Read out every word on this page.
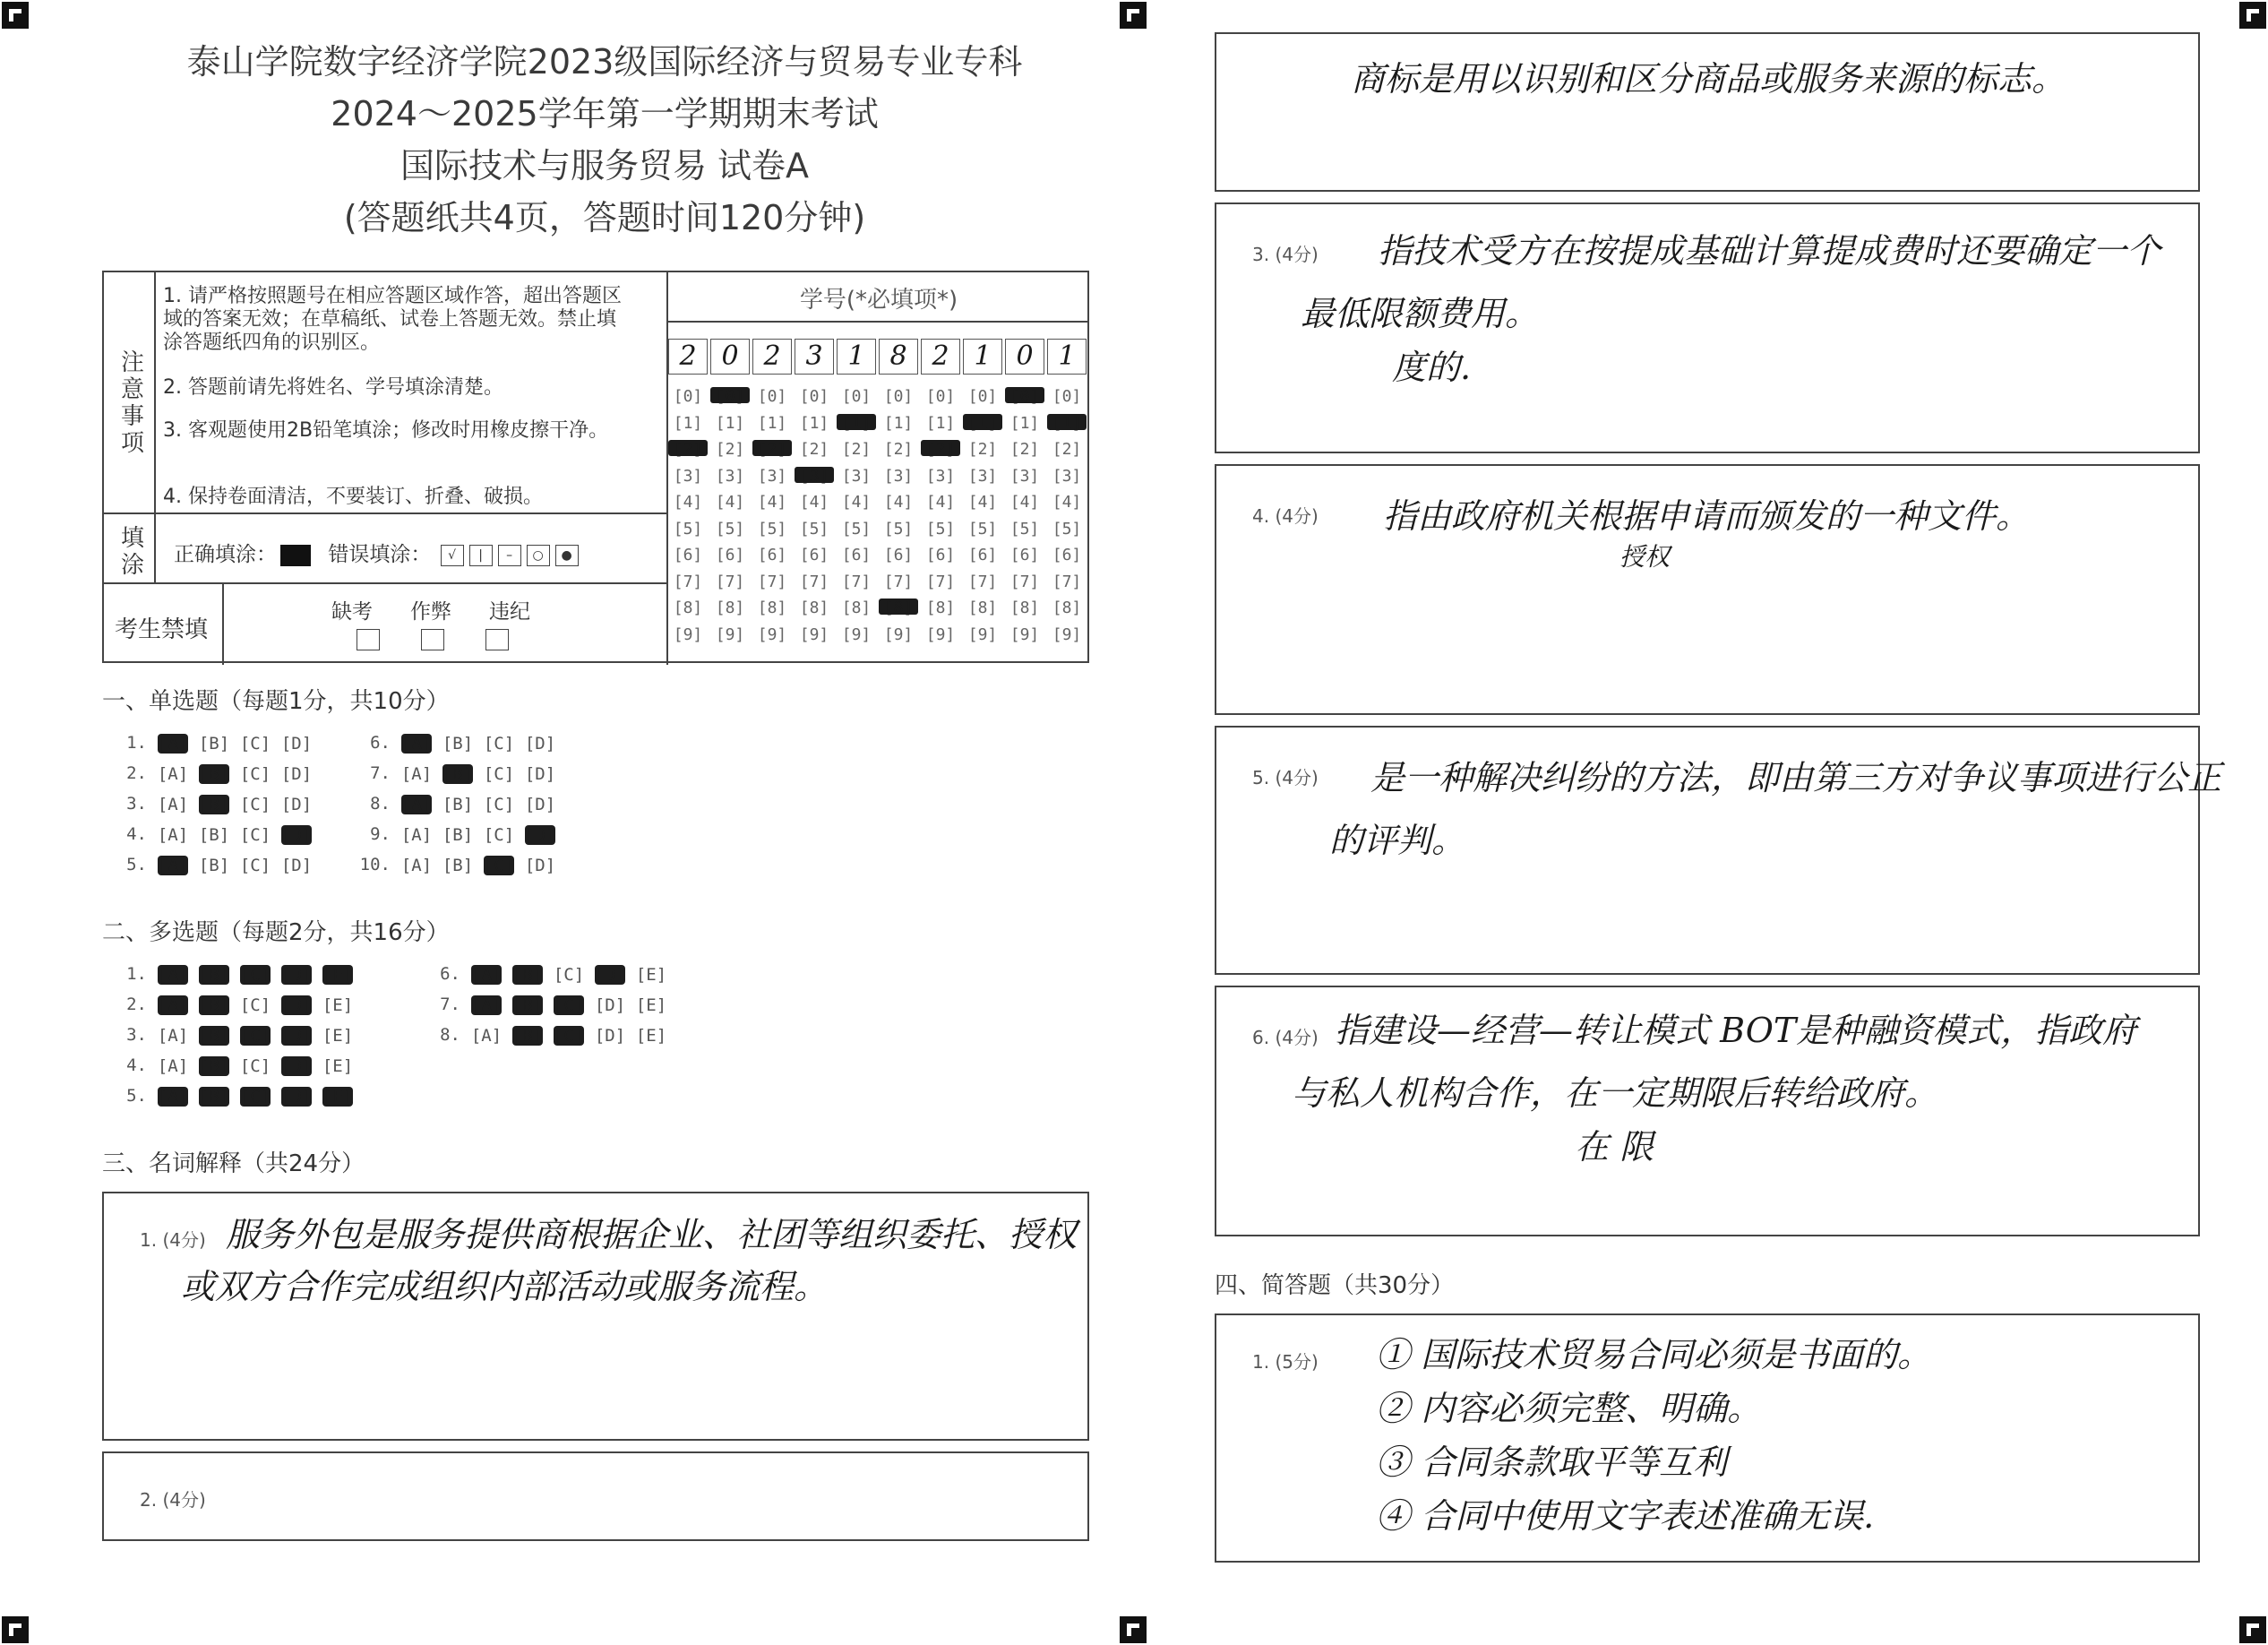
泰山学院数字经济学院2023级国际经济与贸易专业专科
2024～2025学年第一学期期末考试
国际技术与服务贸易 试卷A
(答题纸共4页，答题时间120分钟)
注意事项
1. 请严格按照题号在相应答题区域作答，超出答题区域的答案无效；在草稿纸、试卷上答题无效。禁止填涂答题纸四角的识别区。
2. 答题前请先将姓名、学号填涂清楚。
3. 客观题使用2B铅笔填涂；修改时用橡皮擦干净。
4. 保持卷面清洁，不要装订、折叠、破损。
填涂	正确填涂： 错误填涂： √ | – ○ ●
考生禁填
缺考 作弊 违纪
学号(*必填项*)
2
[0]
[1]
[2]
[3]
[4]
[5]
[6]
[7]
[8]
[9]
0
[0]
[1]
[2]
[3]
[4]
[5]
[6]
[7]
[8]
[9]
2
[0]
[1]
[2]
[3]
[4]
[5]
[6]
[7]
[8]
[9]
3
[0]
[1]
[2]
[3]
[4]
[5]
[6]
[7]
[8]
[9]
1
[0]
[1]
[2]
[3]
[4]
[5]
[6]
[7]
[8]
[9]
8
[0]
[1]
[2]
[3]
[4]
[5]
[6]
[7]
[8]
[9]
2
[0]
[1]
[2]
[3]
[4]
[5]
[6]
[7]
[8]
[9]
1
[0]
[1]
[2]
[3]
[4]
[5]
[6]
[7]
[8]
[9]
0
[0]
[1]
[2]
[3]
[4]
[5]
[6]
[7]
[8]
[9]
1
[0]
[1]
[2]
[3]
[4]
[5]
[6]
[7]
[8]
[9]
一、单选题（每题1分，共10分）
1. [A] [B] [C] [D]
2. [A] [B] [C] [D]
3. [A] [B] [C] [D]
4. [A] [B] [C] [D]
5. [A] [B] [C] [D]
6. [A] [B] [C] [D]
7. [A] [B] [C] [D]
8. [A] [B] [C] [D]
9. [A] [B] [C] [D]
10. [A] [B] [C] [D]
二、多选题（每题2分，共16分）
1. [A] [B] [C] [D] [E]
2. [A] [B] [C] [D] [E]
3. [A] [B] [C] [D] [E]
4. [A] [B] [C] [D] [E]
5. [A] [B] [C] [D] [E]
6. [A] [B] [C] [D] [E]
7. [A] [B] [C] [D] [E]
8. [A] [B] [C] [D] [E]
三、名词解释（共24分）
1. (4分) 服务外包是服务提供商根据企业、社团等组织委托、授权
或双方合作完成组织内部活动或服务流程。
2. (4分)
商标是用以识别和区分商品或服务来源的标志。
3. (4分) 指技术受方在按提成基础计算提成费时还要确定一个
最低限额费用。
度的.
4. (4分) 指由政府机关根据申请而颁发的一种文件。
授权
5. (4分) 是一种解决纠纷的方法，即由第三方对争议事项进行公正
的评判。
6. (4分) 指建设—经营—转让模式 BOT是种融资模式，指政府
与私人机构合作，在一定期限后转给政府。
在 限
四、简答题（共30分）
1. (5分) ① 国际技术贸易合同必须是书面的。
② 内容必须完整、明确。
③ 合同条款取平等互利
④ 合同中使用文字表述准确无误.
